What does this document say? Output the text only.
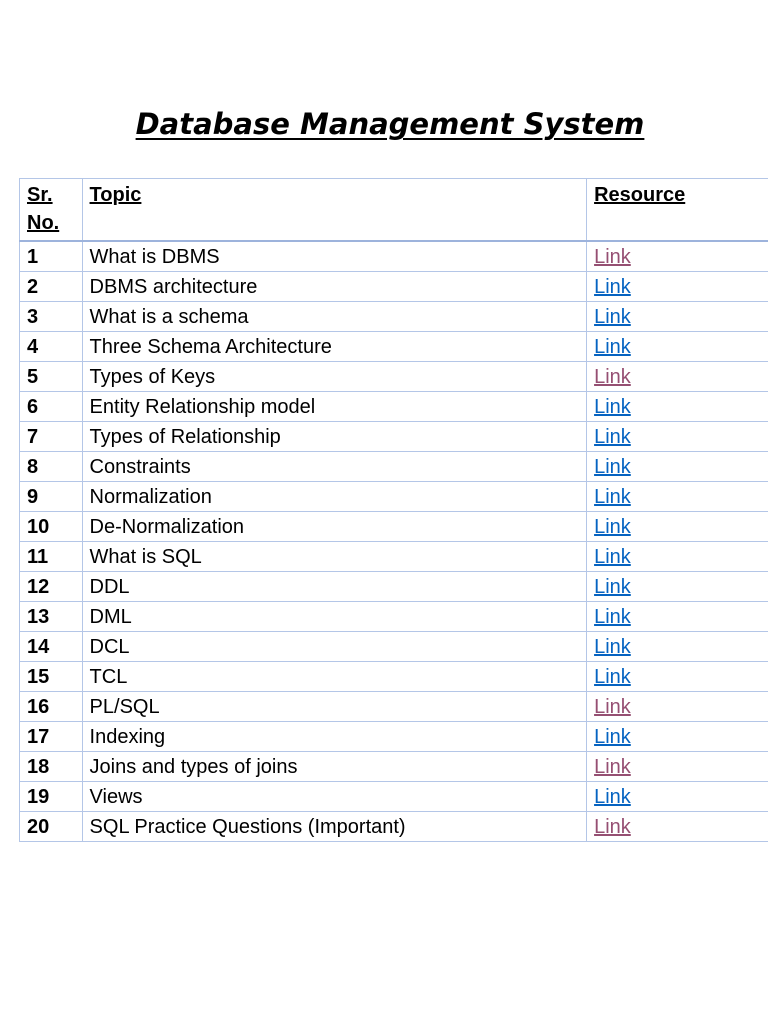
Database Management System
Sr.
No.	Topic	Resource

1	What is DBMS	Link
2	DBMS architecture	Link
3	What is a schema	Link
4	Three Schema Architecture	Link
5	Types of Keys	Link
6	Entity Relationship model	Link
7	Types of Relationship	Link
8	Constraints	Link
9	Normalization	Link
10	De-Normalization	Link
11	What is SQL	Link
12	DDL	Link
13	DML	Link
14	DCL	Link
15	TCL	Link
16	PL/SQL	Link
17	Indexing	Link
18	Joins and types of joins	Link
19	Views	Link
20	SQL Practice Questions (Important)	Link
